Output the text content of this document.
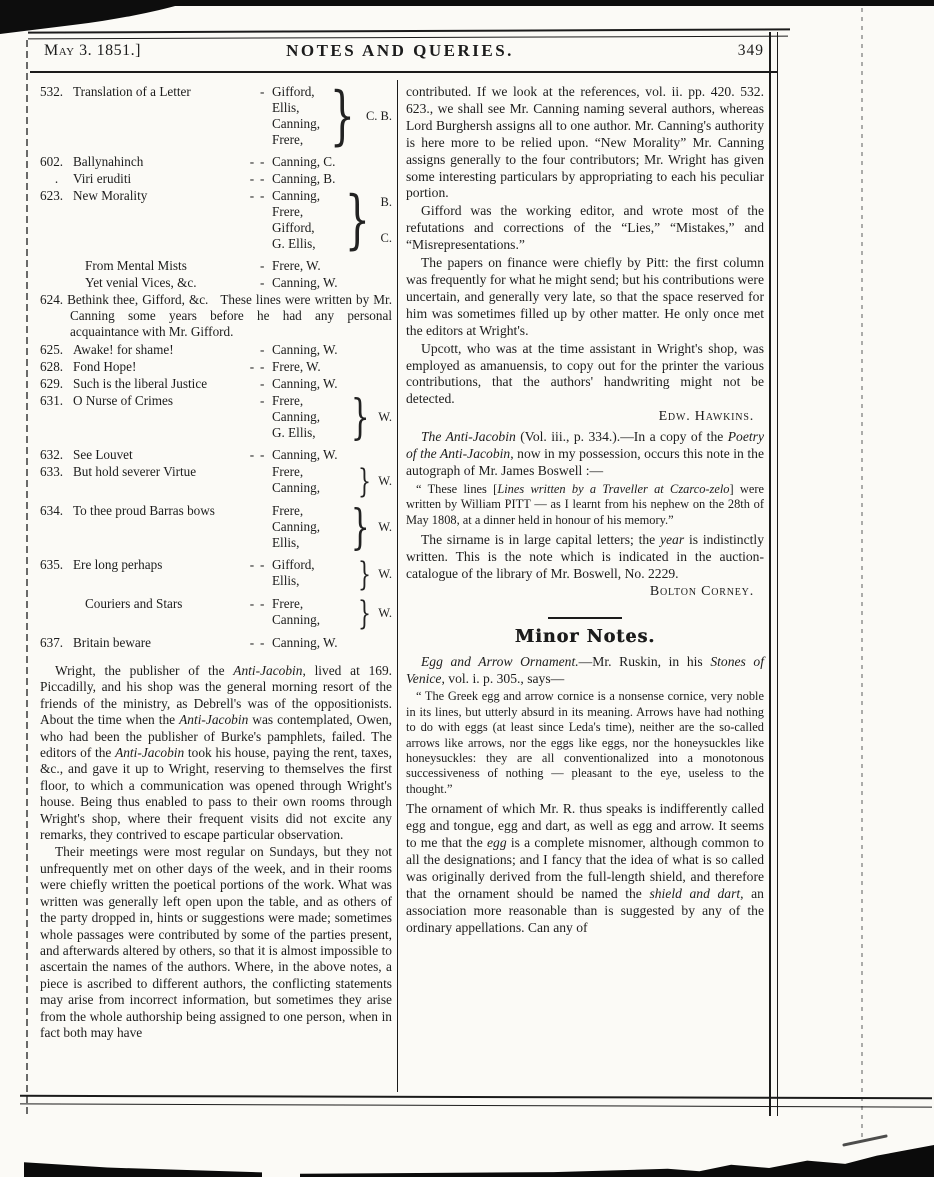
May 3. 1851.]	NOTES AND QUERIES.	349
532. Translation of a Letter	- Gifford,
Ellis,
Canning,
Frere, } C. B.
602. Ballynahinch	- - Canning, C.
.	Viri eruditi	- - Canning, B.
623. New Morality	- - Canning,
Frere,
Gifford,
G. Ellis, } B.
C.
From Mental Mists	- Frere, W.
Yet venial Vices, &c.	- Canning, W.
624. Bethink thee, Gifford, &c. These lines were written by Mr. Canning some years before he had any personal acquaintance with Mr. Gifford.
625. Awake! for shame!	- Canning, W.
628. Fond Hope!	- - Frere, W.
629. Such is the liberal Justice	- Canning, W.
631. O Nurse of Crimes	- Frere,
Canning,
G. Ellis, } W.
632. See Louvet	- - Canning, W.
633. But hold severer Virtue	Frere,
Canning,	} W.
634. To thee proud Barras bows	Frere,
Canning,
Ellis,	} W.
635. Ere long perhaps	- - Gifford,
Ellis,	} W.
Couriers and Stars	- - Frere,
Canning,	} W.
637. Britain beware	- - Canning, W.

Wright, the publisher of the Anti-Jacobin, lived at 169. Piccadilly, and his shop was the general morning resort of the friends of the ministry, as Debrell's was of the oppositionists. About the time when the Anti-Jacobin was contemplated, Owen, who had been the publisher of Burke's pamphlets, failed. The editors of the Anti-Jacobin took his house, paying the rent, taxes, &c., and gave it up to Wright, reserving to themselves the first floor, to which a communication was opened through Wright's house. Being thus enabled to pass to their own rooms through Wright's shop, where their frequent visits did not excite any remarks, they contrived to escape particular observation.

Their meetings were most regular on Sundays, but they not unfrequently met on other days of the week, and in their rooms were chiefly written the poetical portions of the work. What was written was generally left open upon the table, and as others of the party dropped in, hints or suggestions were made; sometimes whole passages were contributed by some of the parties present, and afterwards altered by others, so that it is almost impossible to ascertain the names of the authors. Where, in the above notes, a piece is ascribed to different authors, the conflicting statements may arise from incorrect information, but sometimes they arise from the whole authorship being assigned to one person, when in fact both may have

contributed. If we look at the references, vol. ii. pp. 420. 532. 623., we shall see Mr. Canning naming several authors, whereas Lord Burghersh assigns all to one author. Mr. Canning's authority is here more to be relied upon. “New Morality” Mr. Canning assigns generally to the four contributors; Mr. Wright has given some interesting particulars by appropriating to each his peculiar portion.

Gifford was the working editor, and wrote most of the refutations and corrections of the “Lies,” “Mistakes,” and “Misrepresentations.”

The papers on finance were chiefly by Pitt: the first column was frequently for what he might send; but his contributions were uncertain, and generally very late, so that the space reserved for him was sometimes filled up by other matter. He only once met the editors at Wright's.

Upcott, who was at the time assistant in Wright's shop, was employed as amanuensis, to copy out for the printer the various contributions, that the authors' handwriting might not be detected.

Edw. Hawkins.

The Anti-Jacobin (Vol. iii., p. 334.).—In a copy of the Poetry of the Anti-Jacobin, now in my possession, occurs this note in the autograph of Mr. James Boswell :—

“ These lines [Lines written by a Traveller at Czarco-zelo] were written by William PITT — as I learnt from his nephew on the 28th of May 1808, at a dinner held in honour of his memory.”

The sirname is in large capital letters; the year is indistinctly written. This is the note which is indicated in the auction-catalogue of the library of Mr. Boswell, No. 2229.

Bolton Corney.
Minor Notes.

Egg and Arrow Ornament.—Mr. Ruskin, in his Stones of Venice, vol. i. p. 305., says—

“ The Greek egg and arrow cornice is a nonsense cornice, very noble in its lines, but utterly absurd in its meaning. Arrows have had nothing to do with eggs (at least since Leda's time), neither are the so-called arrows like arrows, nor the eggs like eggs, nor the honeysuckles like honeysuckles: they are all conventionalized into a monotonous successiveness of nothing — pleasant to the eye, useless to the thought.”

The ornament of which Mr. R. thus speaks is indifferently called egg and tongue, egg and dart, as well as egg and arrow. It seems to me that the egg is a complete misnomer, although common to all the designations; and I fancy that the idea of what is so called was originally derived from the full-length shield, and therefore that the ornament should be named the shield and dart, an association more reasonable than is suggested by any of the ordinary appellations. Can any of
